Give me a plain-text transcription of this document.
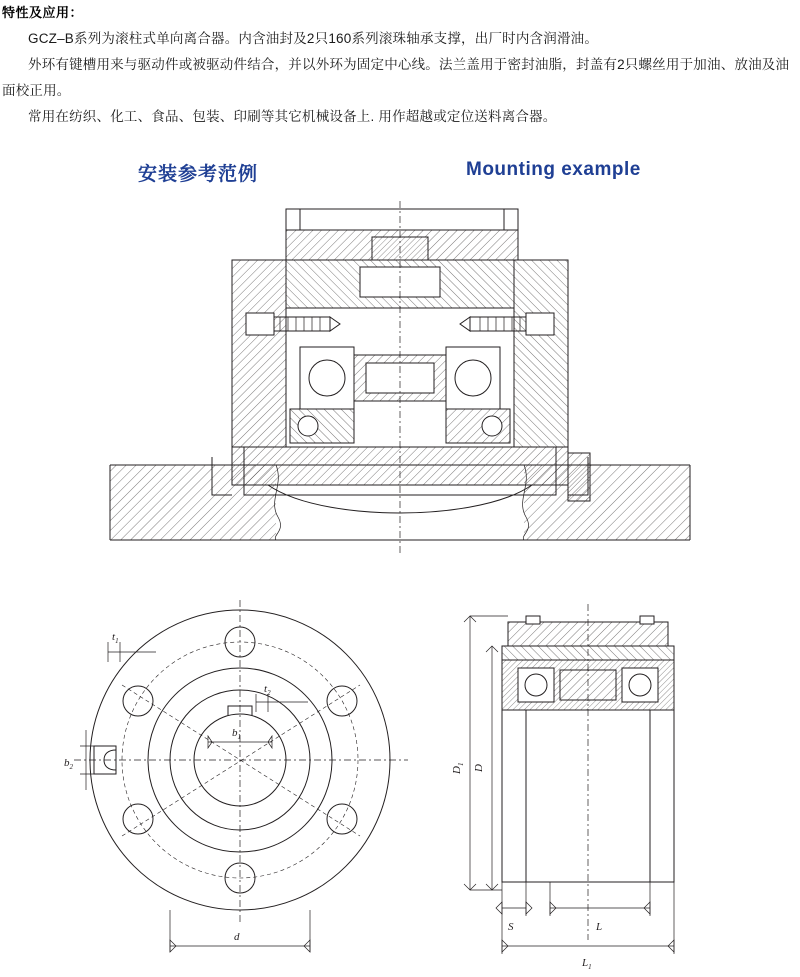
特性及应用：
GCZ–B系列为滚柱式单向离合器。内含油封及2只160系列滚珠轴承支撑，出厂时内含润滑油。
外环有键槽用来与驱动件或被驱动件结合，并以外环为固定中心线。法兰盖用于密封油脂，封盖有2只螺丝用于加油、放油及油面校正用。
常用在纺织、化工、食品、包装、印刷等其它机械设备上. 用作超越或定位送料离合器。
安装参考范例	Mounting example
$t_1$
$t_2$
$b_2$
$b_1$
d
$D_1$ D
S	L
$L_1$
